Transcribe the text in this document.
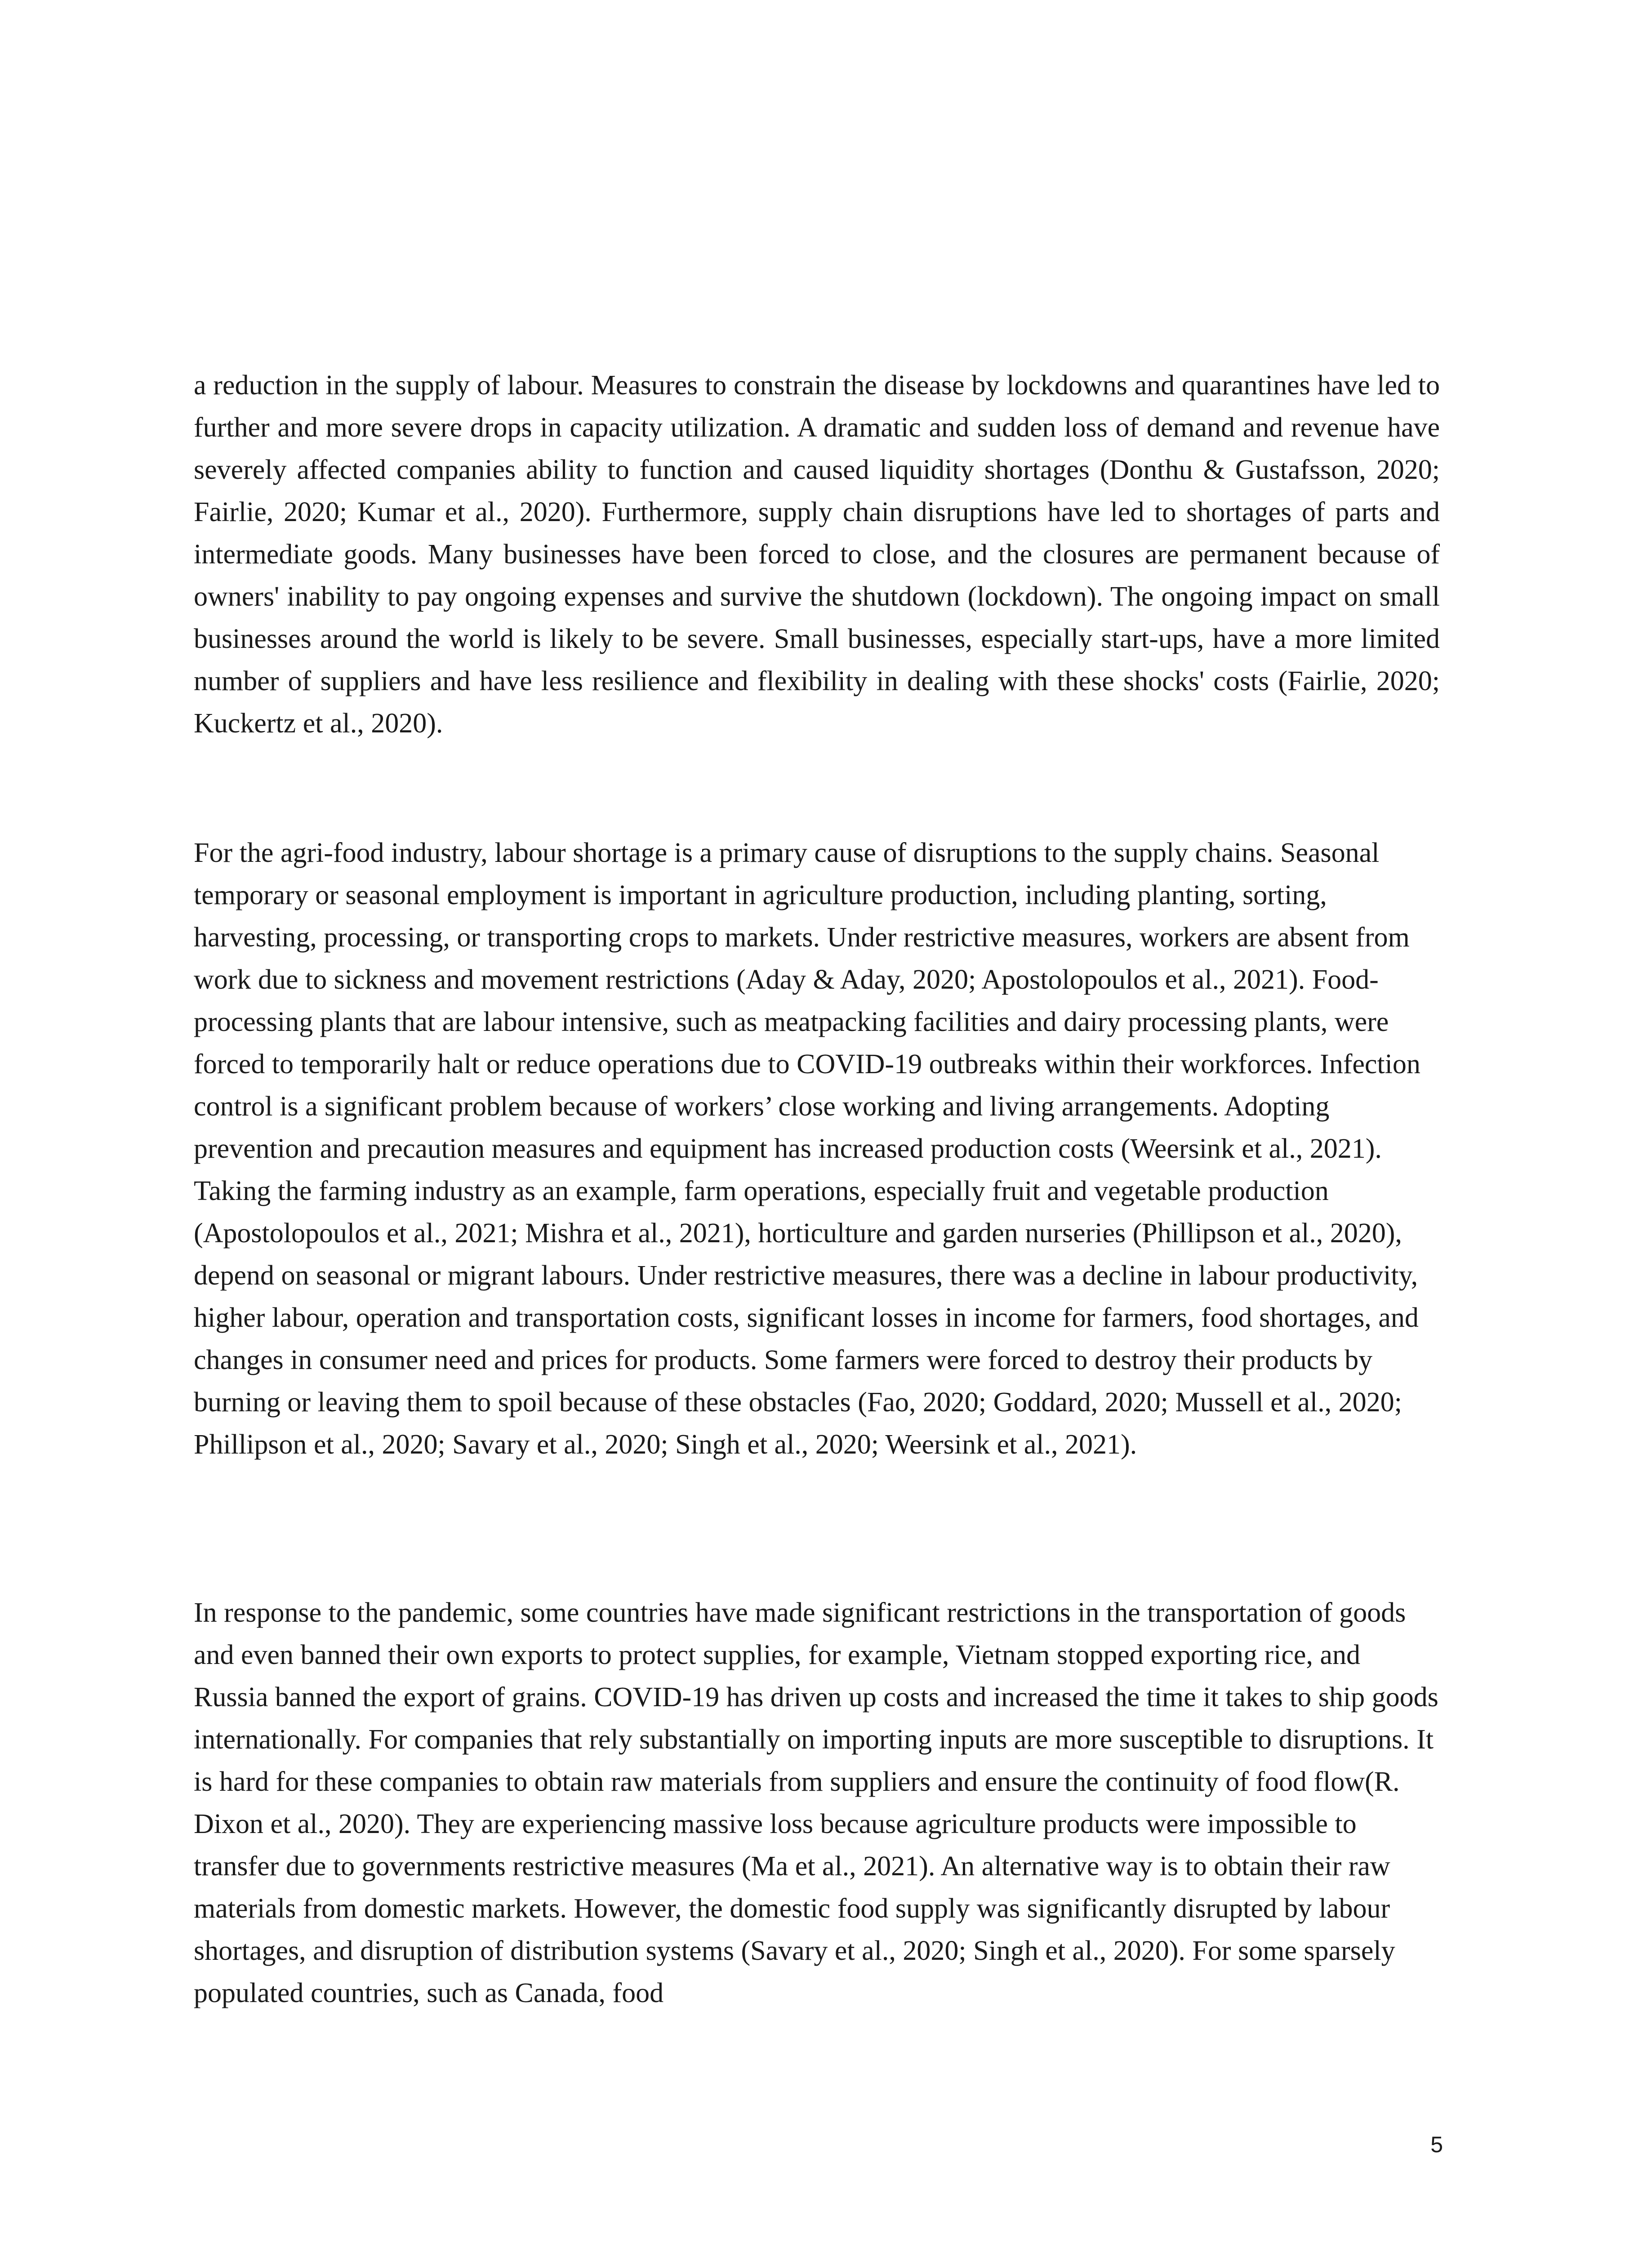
a reduction in the supply of labour. Measures to constrain the disease by lockdowns and quarantines have led to further and more severe drops in capacity utilization. A dramatic and sudden loss of demand and revenue have severely affected companies ability to function and caused liquidity shortages (Donthu & Gustafsson, 2020; Fairlie, 2020; Kumar et al., 2020). Furthermore, supply chain disruptions have led to shortages of parts and intermediate goods. Many businesses have been forced to close, and the closures are permanent because of owners' inability to pay ongoing expenses and survive the shutdown (lockdown). The ongoing impact on small businesses around the world is likely to be severe. Small businesses, especially start-ups, have a more limited number of suppliers and have less resilience and flexibility in dealing with these shocks' costs (Fairlie, 2020; Kuckertz et al., 2020).

For the agri-food industry, labour shortage is a primary cause of disruptions to the supply chains. Seasonal temporary or seasonal employment is important in agriculture production, including planting, sorting, harvesting, processing, or transporting crops to markets. Under restrictive measures, workers are absent from work due to sickness and movement restrictions (Aday & Aday, 2020; Apostolopoulos et al., 2021). Food-processing plants that are labour intensive, such as meatpacking facilities and dairy processing plants, were forced to temporarily halt or reduce operations due to COVID-19 outbreaks within their workforces. Infection control is a significant problem because of workers’ close working and living arrangements. Adopting prevention and precaution measures and equipment has increased production costs (Weersink et al., 2021). Taking the farming industry as an example, farm operations, especially fruit and vegetable production (Apostolopoulos et al., 2021; Mishra et al., 2021), horticulture and garden nurseries (Phillipson et al., 2020), depend on seasonal or migrant labours. Under restrictive measures, there was a decline in labour productivity, higher labour, operation and transportation costs, significant losses in income for farmers, food shortages, and changes in consumer need and prices for products. Some farmers were forced to destroy their products by burning or leaving them to spoil because of these obstacles (Fao, 2020; Goddard, 2020; Mussell et al., 2020; Phillipson et al., 2020; Savary et al., 2020; Singh et al., 2020; Weersink et al., 2021).

In response to the pandemic, some countries have made significant restrictions in the transportation of goods and even banned their own exports to protect supplies, for example, Vietnam stopped exporting rice, and Russia banned the export of grains. COVID-19 has driven up costs and increased the time it takes to ship goods internationally. For companies that rely substantially on importing inputs are more susceptible to disruptions. It is hard for these companies to obtain raw materials from suppliers and ensure the continuity of food flow(R. Dixon et al., 2020). They are experiencing massive loss because agriculture products were impossible to transfer due to governments restrictive measures (Ma et al., 2021). An alternative way is to obtain their raw materials from domestic markets. However, the domestic food supply was significantly disrupted by labour shortages, and disruption of distribution systems (Savary et al., 2020; Singh et al., 2020). For some sparsely populated countries, such as Canada, food

5
